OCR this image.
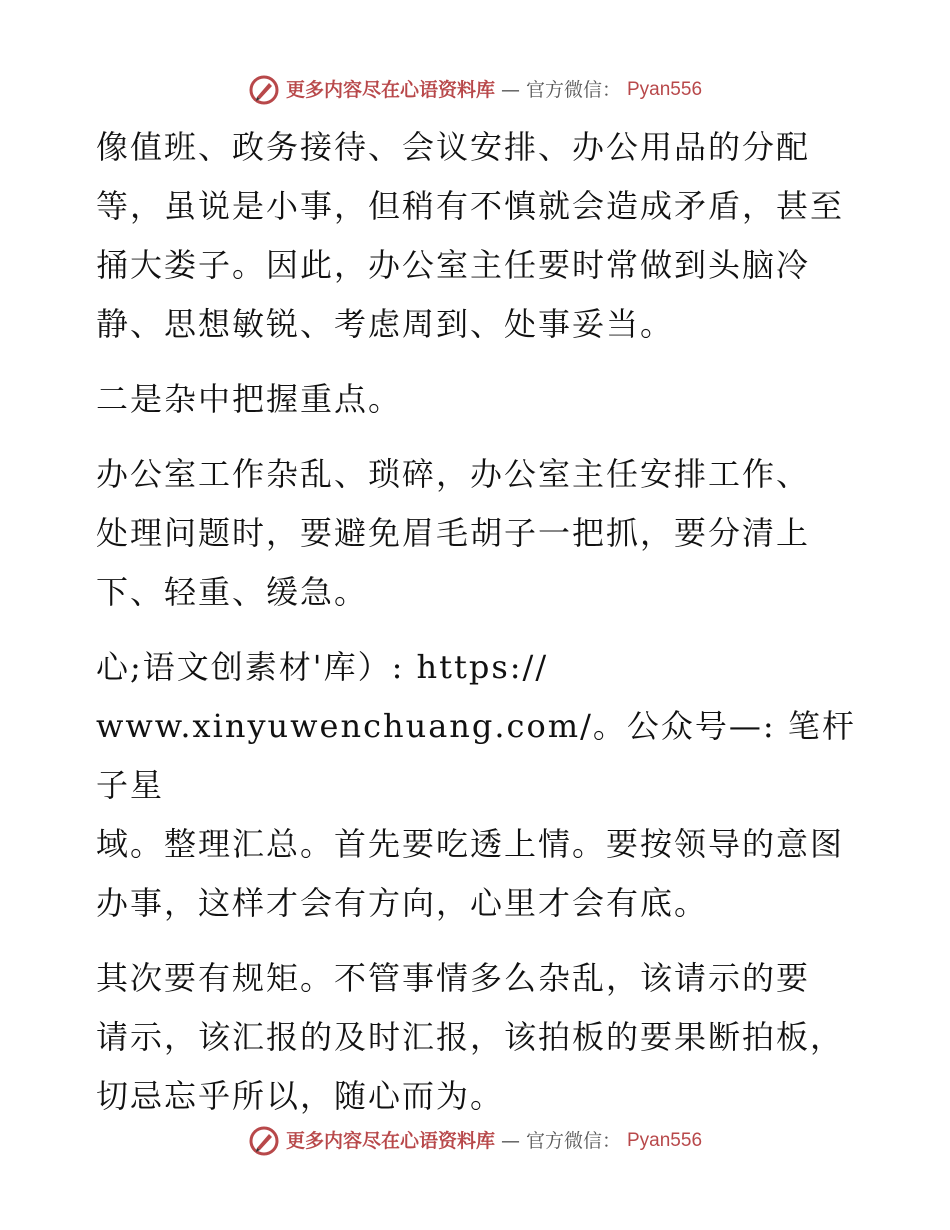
更多内容尽在心语资料库 — 官方微信： Pyan556
像值班、政务接待、会议安排、办公用品的分配
等，虽说是小事，但稍有不慎就会造成矛盾，甚至
捅大娄子。因此，办公室主任要时常做到头脑冷
静、思想敏锐、考虑周到、处事妥当。
二是杂中把握重点。
办公室工作杂乱、琐碎，办公室主任安排工作、
处理问题时，要避免眉毛胡子一把抓，要分清上
下、轻重、缓急。
心;语文创素材'库）: https://
www.xinyuwenchuang.com/。公众号—: 笔杆子星
域。整理汇总。首先要吃透上情。要按领导的意图
办事，这样才会有方向，心里才会有底。
其次要有规矩。不管事情多么杂乱，该请示的要
请示，该汇报的及时汇报，该拍板的要果断拍板，
切忌忘乎所以，随心而为。
更多内容尽在心语资料库 — 官方微信： Pyan556
